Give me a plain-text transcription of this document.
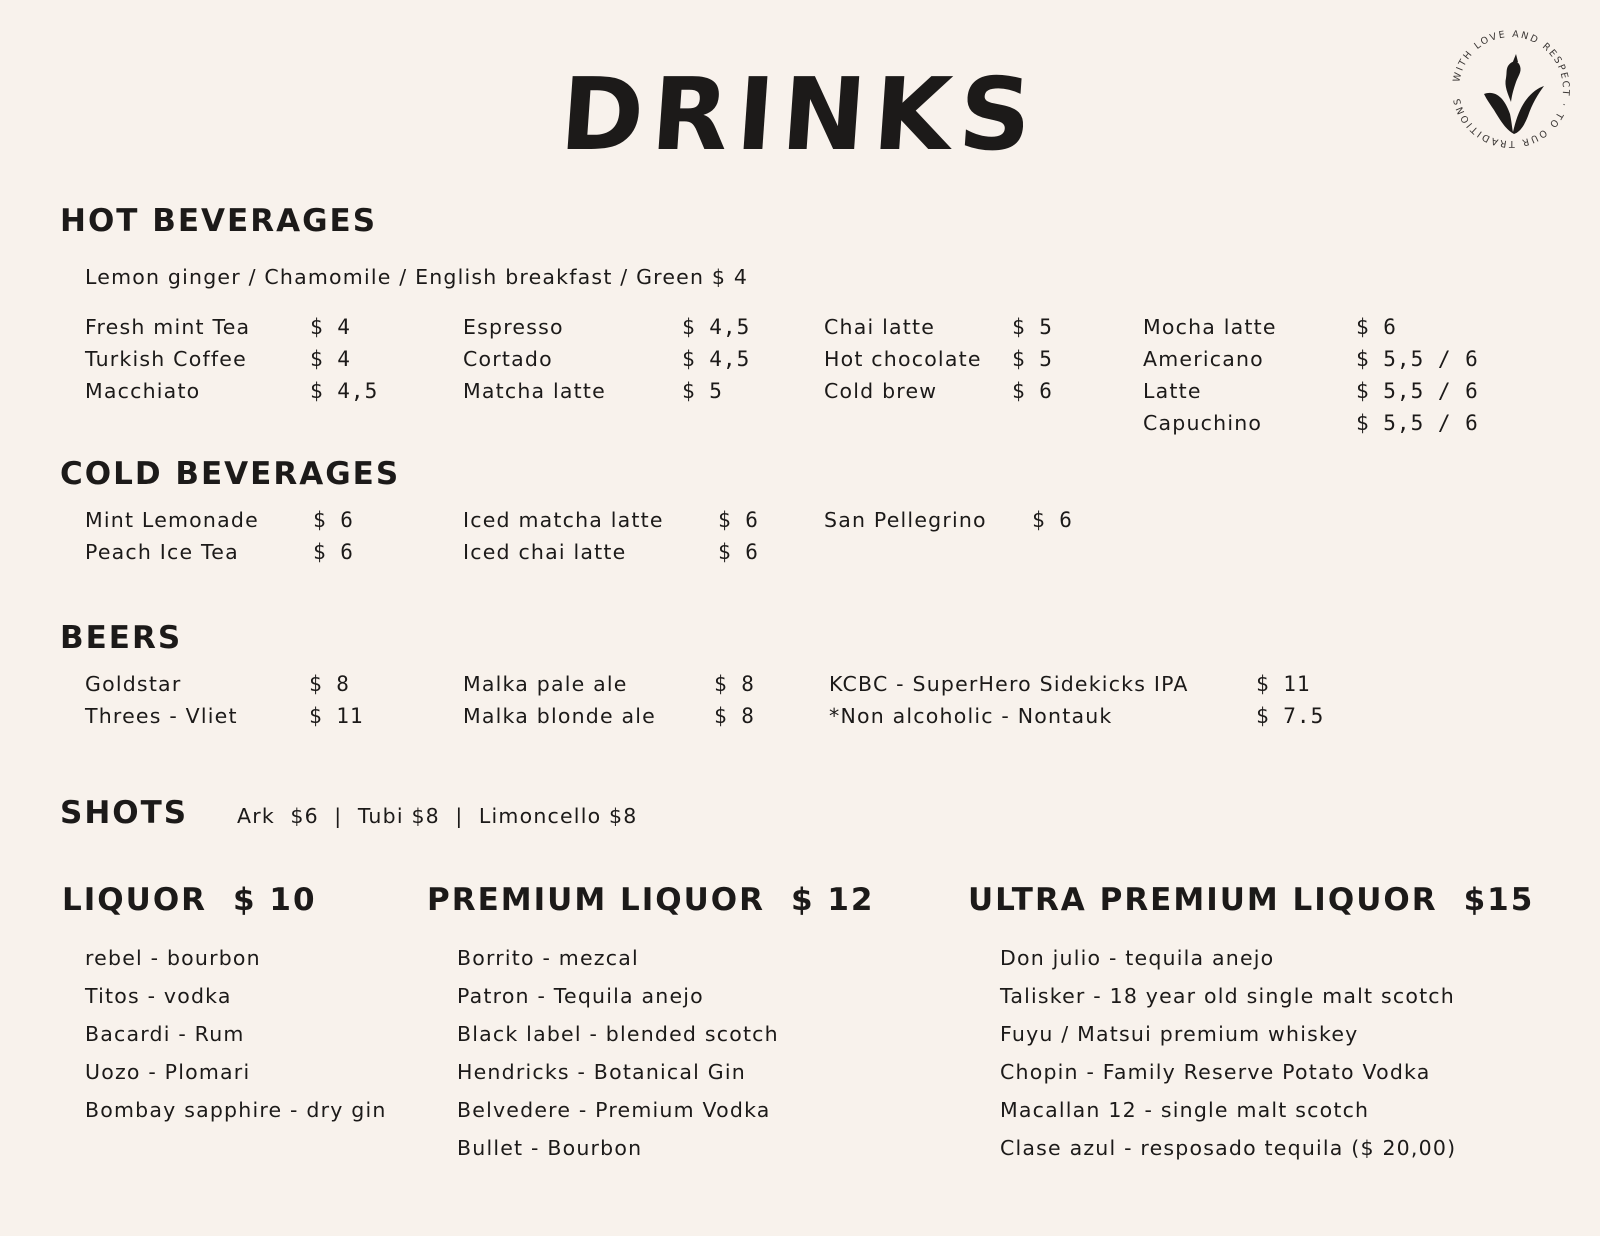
DRINKS	WITH LOVE AND RESPECT · TO OUR TRADITIONS
HOT BEVERAGES
Lemon ginger / Chamomile / English breakfast / Green $ 4
Fresh mint Tea	$ 4
Turkish Coffee	$ 4
Macchiato	$ 4,5
Espresso	$ 4,5
Cortado	$ 4,5
Matcha latte	$ 5
Chai latte	$ 5
Hot chocolate $ 5
Cold brew	$ 6
Mocha latte	$ 6
Americano	$ 5,5 / 6
Latte	$ 5,5 / 6
Capuchino	$ 5,5 / 6
COLD BEVERAGES
Mint Lemonade	$ 6
Peach Ice Tea	$ 6
Iced matcha latte	$ 6
Iced chai latte	$ 6
San Pellegrino $ 6
BEERS
Goldstar	$ 8
Threes - Vliet	$ 11
Malka pale ale	$ 8
Malka blonde ale	$ 8
KCBC - SuperHero Sidekicks IPA	$ 11
*Non alcoholic - Nontauk	$ 7.5
SHOTS Ark  $6  |  Tubi $8  |  Limoncello $8
LIQUOR $ 10	PREMIUM LIQUOR $ 12	ULTRA PREMIUM LIQUOR $15
rebel - bourbon
Titos - vodka
Bacardi - Rum
Uozo - Plomari
Bombay sapphire - dry gin
Borrito - mezcal
Patron - Tequila anejo
Black label - blended scotch
Hendricks - Botanical Gin
Belvedere - Premium Vodka
Bullet - Bourbon
Don julio - tequila anejo
Talisker - 18 year old single malt scotch
Fuyu / Matsui premium whiskey
Chopin - Family Reserve Potato Vodka
Macallan 12 - single malt scotch
Clase azul - resposado tequila ($ 20,00)
